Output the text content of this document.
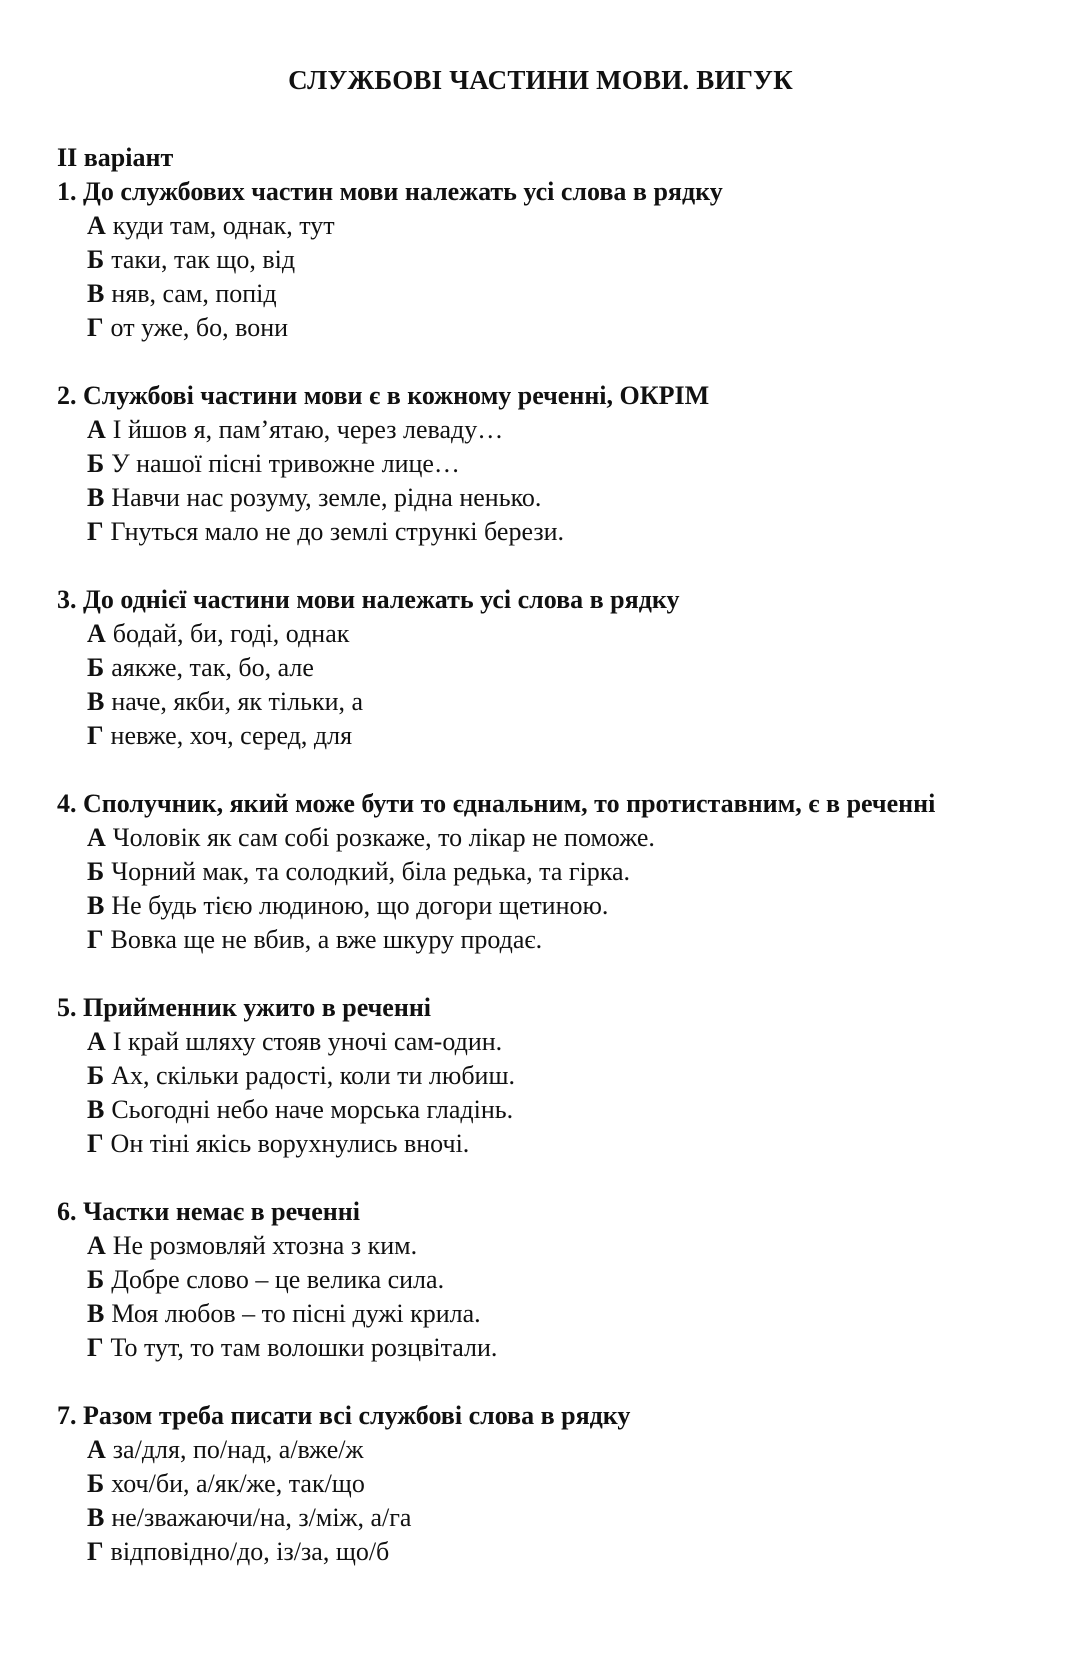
СЛУЖБОВІ ЧАСТИНИ МОВИ. ВИГУК

II варіант

1. До службових частин мови належать усі слова в рядку

А куди там, однак, тут
Б таки, так що, від
В няв, сам, попід
Г от уже, бо, вони

2. Службові частини мови є в кожному реченні, ОКРІМ

А І йшов я, пам’ятаю, через леваду…
Б У нашої пісні тривожне лице…
В Навчи нас розуму, земле, рідна ненько.
Г Гнуться мало не до землі стрункі берези.

3. До однієї частини мови належать усі слова в рядку

А бодай, би, годі, однак
Б аякже, так, бо, але
В наче, якби, як тільки, а
Г невже, хоч, серед, для

4. Сполучник, який може бути то єднальним, то протиставним, є в реченні

А Чоловік як сам собі розкаже, то лікар не поможе.
Б Чорний мак, та солодкий, біла редька, та гірка.
В Не будь тією людиною, що догори щетиною.
Г Вовка ще не вбив, а вже шкуру продає.

5. Прийменник ужито в реченні

А І край шляху стояв уночі сам-один.
Б Ах, скільки радості, коли ти любиш.
В Сьогодні небо наче морська гладінь.
Г Он тіні якісь ворухнулись вночі.

6. Частки немає в реченні

А Не розмовляй хтозна з ким.
Б Добре слово – це велика сила.
В Моя любов – то пісні дужі крила.
Г То тут, то там волошки розцвітали.

7. Разом треба писати всі службові слова в рядку

А за/для, по/над, а/вже/ж
Б хоч/би, а/як/же, так/що
В не/зважаючи/на, з/між, а/га
Г відповідно/до, із/за, що/б
